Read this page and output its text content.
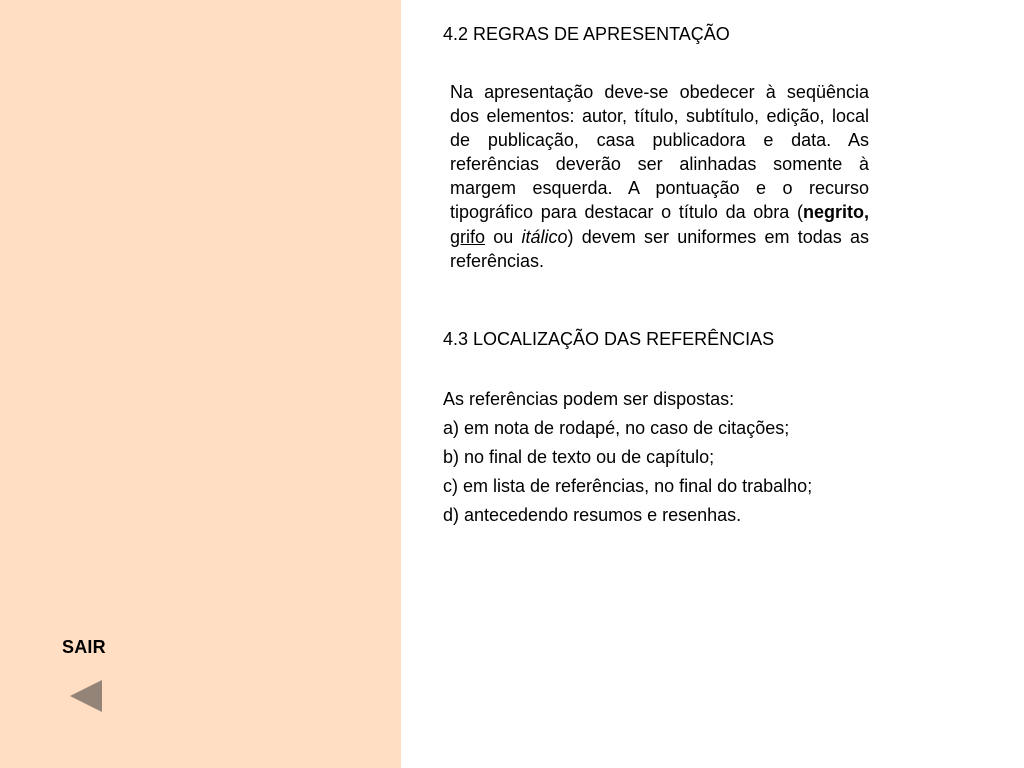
SAIR
4.2 REGRAS DE APRESENTAÇÃO
Na apresentação deve-se obedecer à seqüência dos elementos: autor, título, subtítulo, edição, local de publicação, casa publicadora e data. As referências deverão ser alinhadas somente à margem esquerda. A pontuação e o recurso tipográfico para destacar o título da obra (negrito, grifo ou itálico) devem ser uniformes em todas as referências.
4.3 LOCALIZAÇÃO DAS REFERÊNCIAS
As referências podem ser dispostas:
a) em nota de rodapé, no caso de citações;
b) no final de texto ou de capítulo;
c) em lista de referências, no final do trabalho;
d) antecedendo resumos e resenhas.
